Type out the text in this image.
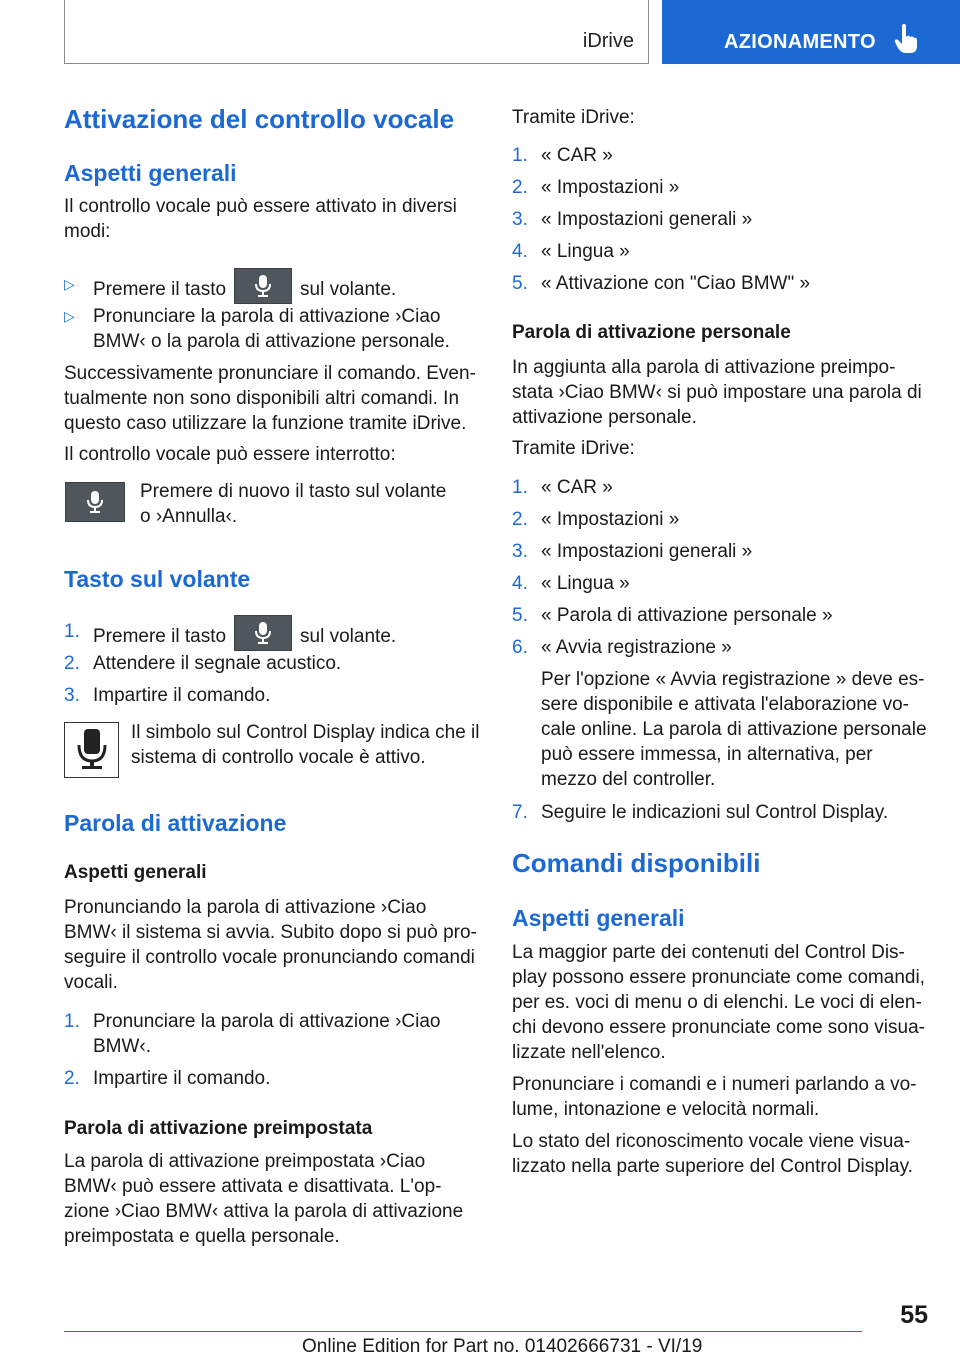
iDrive	AZIONAMENTO
Attivazione del controllo vocale
Aspetti generali
Il controllo vocale può essere attivato in diversi
modi:
▷ Premere il tasto	sul volante.
▷ Pronunciare la parola di attivazione ›Ciao
BMW‹ o la parola di attivazione personale.
Successivamente pronunciare il comando. Even-
tualmente non sono disponibili altri comandi. In
questo caso utilizzare la funzione tramite iDrive.
Il controllo vocale può essere interrotto:
Premere di nuovo il tasto sul volante
o ›Annulla‹.
Tasto sul volante
1. Premere il tasto	sul volante.
2. Attendere il segnale acustico.
3. Impartire il comando.
Il simbolo sul Control Display indica che il
sistema di controllo vocale è attivo.
Parola di attivazione
Aspetti generali
Pronunciando la parola di attivazione ›Ciao
BMW‹ il sistema si avvia. Subito dopo si può pro-
seguire il controllo vocale pronunciando comandi
vocali.
1. Pronunciare la parola di attivazione ›Ciao
BMW‹.
2. Impartire il comando.
Parola di attivazione preimpostata
La parola di attivazione preimpostata ›Ciao
BMW‹ può essere attivata e disattivata. L'op-
zione ›Ciao BMW‹ attiva la parola di attivazione
preimpostata e quella personale.
Tramite iDrive:
1. « CAR »
2. « Impostazioni »
3. « Impostazioni generali »
4. « Lingua »
5. « Attivazione con "Ciao BMW" »
Parola di attivazione personale
In aggiunta alla parola di attivazione preimpo-
stata ›Ciao BMW‹ si può impostare una parola di
attivazione personale.
Tramite iDrive:
1. « CAR »
2. « Impostazioni »
3. « Impostazioni generali »
4. « Lingua »
5. « Parola di attivazione personale »
6. « Avvia registrazione »
Per l'opzione « Avvia registrazione » deve es-
sere disponibile e attivata l'elaborazione vo-
cale online. La parola di attivazione personale
può essere immessa, in alternativa, per
mezzo del controller.
7. Seguire le indicazioni sul Control Display.
Comandi disponibili
Aspetti generali
La maggior parte dei contenuti del Control Dis-
play possono essere pronunciate come comandi,
per es. voci di menu o di elenchi. Le voci di elen-
chi devono essere pronunciate come sono visua-
lizzate nell'elenco.
Pronunciare i comandi e i numeri parlando a vo-
lume, intonazione e velocità normali.
Lo stato del riconoscimento vocale viene visua-
lizzato nella parte superiore del Control Display.
55
Online Edition for Part no. 01402666731 - VI/19
